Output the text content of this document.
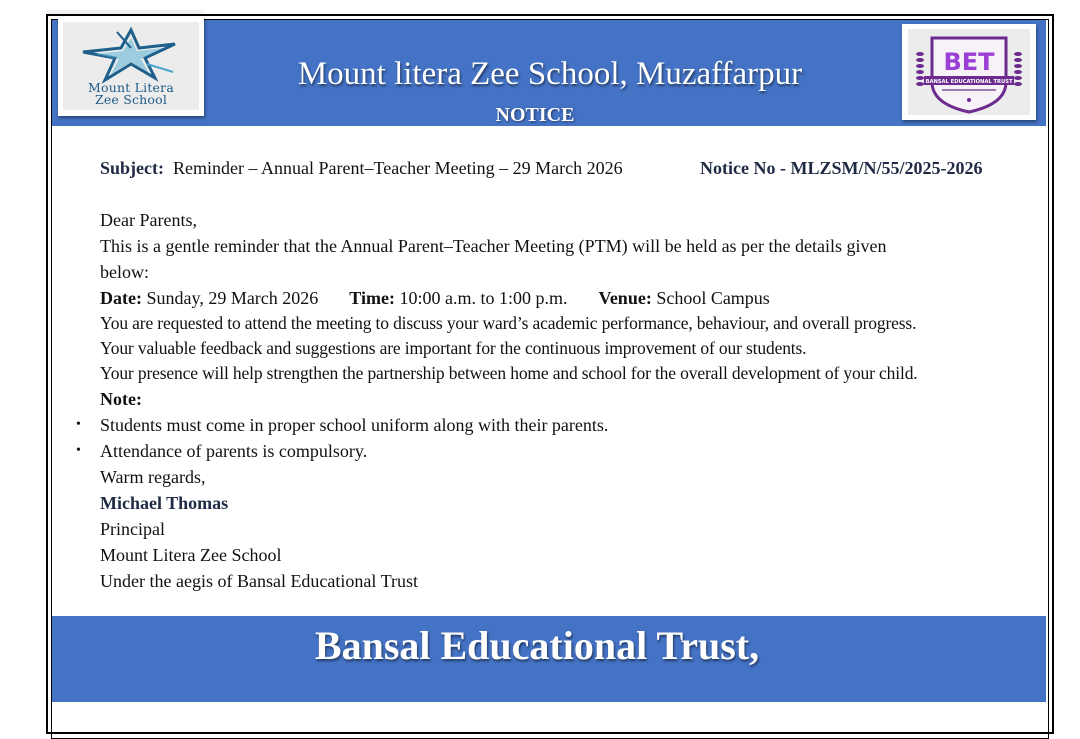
Mount Litera
Zee School
Mount litera Zee School, Muzaffarpur
NOTICE
BET
BANSAL EDUCATIONAL TRUST
Subject: Reminder – Annual Parent–Teacher Meeting – 29 March 2026	Notice No - MLZSM/N/55/2025-2026
Dear Parents,
This is a gentle reminder that the Annual Parent–Teacher Meeting (PTM) will be held as per the details given
below:
Date: Sunday, 29 March 2026 Time: 10:00 a.m. to 1:00 p.m. Venue: School Campus
You are requested to attend the meeting to discuss your ward’s academic performance, behaviour, and overall progress.
Your valuable feedback and suggestions are important for the continuous improvement of our students.
Your presence will help strengthen the partnership between home and school for the overall development of your child.
Note:
• Students must come in proper school uniform along with their parents.
• Attendance of parents is compulsory.
Warm regards,
Michael Thomas
Principal
Mount Litera Zee School
Under the aegis of Bansal Educational Trust
Bansal Educational Trust,
